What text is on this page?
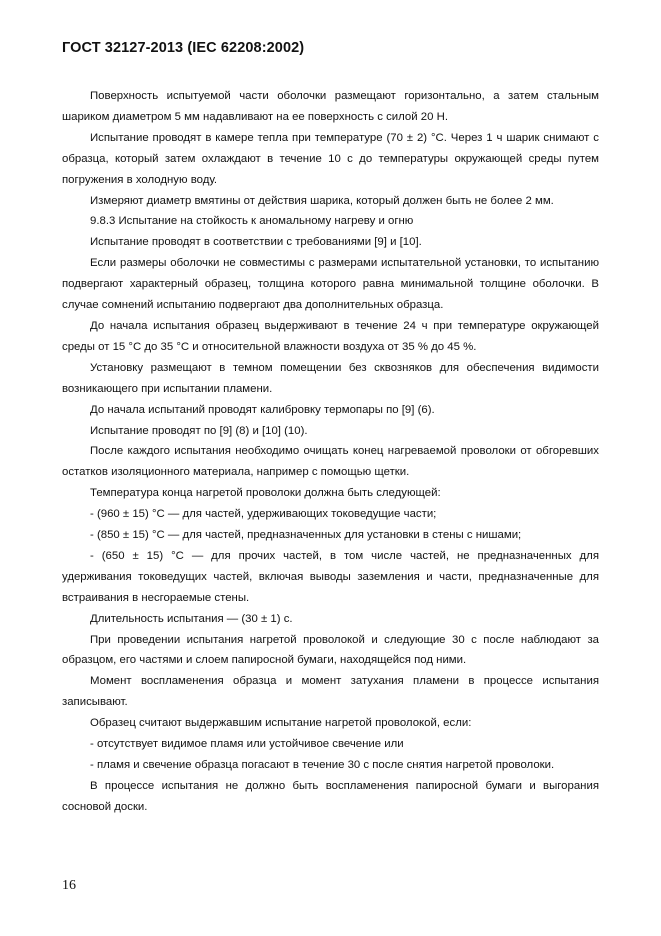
ГОСТ 32127-2013 (IEC 62208:2002)

Поверхность испытуемой части оболочки размещают горизонтально, а затем стальным шариком диаметром 5 мм надавливают на ее поверхность с силой 20 Н.

Испытание проводят в камере тепла при температуре (70 ± 2) °С. Через 1 ч шарик снимают с образца, который затем охлаждают в течение 10 с до температуры окружающей среды путем погружения в холодную воду.

Измеряют диаметр вмятины от действия шарика, который должен быть не более 2 мм.

9.8.3 Испытание на стойкость к аномальному нагреву и огню

Испытание проводят в соответствии с требованиями [9] и [10].

Если размеры оболочки не совместимы с размерами испытательной установки, то испытанию подвергают характерный образец, толщина которого равна минимальной толщине оболочки. В случае сомнений испытанию подвергают два дополнительных образца.

До начала испытания образец выдерживают в течение 24 ч при температуре окружающей среды от 15 °С до 35 °С и относительной влажности воздуха от 35 % до 45 %.

Установку размещают в темном помещении без сквозняков для обеспечения видимости возникающего при испытании пламени.

До начала испытаний проводят калибровку термопары по [9] (6).

Испытание проводят по [9] (8) и [10] (10).

После каждого испытания необходимо очищать конец нагреваемой проволоки от обгоревших остатков изоляционного материала, например с помощью щетки.

Температура конца нагретой проволоки должна быть следующей:

- (960 ± 15) °С — для частей, удерживающих токоведущие части;

- (850 ± 15) °С — для частей, предназначенных для установки в стены с нишами;

- (650 ± 15) °С — для прочих частей, в том числе частей, не предназначенных для удерживания токоведущих частей, включая выводы заземления и части, предназначенные для встраивания в несгораемые стены.

Длительность испытания — (30 ± 1) с.

При проведении испытания нагретой проволокой и следующие 30 с после наблюдают за образцом, его частями и слоем папиросной бумаги, находящейся под ними.

Момент воспламенения образца и момент затухания пламени в процессе испытания записывают.

Образец считают выдержавшим испытание нагретой проволокой, если:

- отсутствует видимое пламя или устойчивое свечение или

- пламя и свечение образца погасают в течение 30 с после снятия нагретой проволоки.

В процессе испытания не должно быть воспламенения папиросной бумаги и выгорания сосновой доски.

16
